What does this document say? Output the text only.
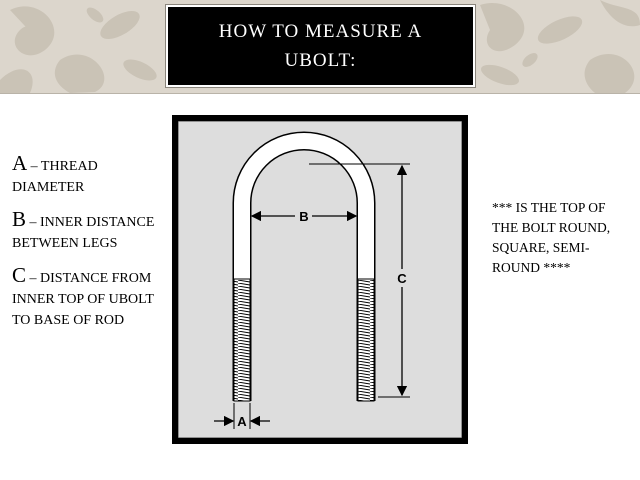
HOW TO MEASURE A UBOLT:
A – THREAD DIAMETER
B – INNER DISTANCE BETWEEN LEGS
C – DISTANCE FROM INNER TOP OF UBOLT TO BASE OF ROD
B
C
A
*** IS THE TOP OF THE BOLT ROUND, SQUARE, SEMI-ROUND ****
